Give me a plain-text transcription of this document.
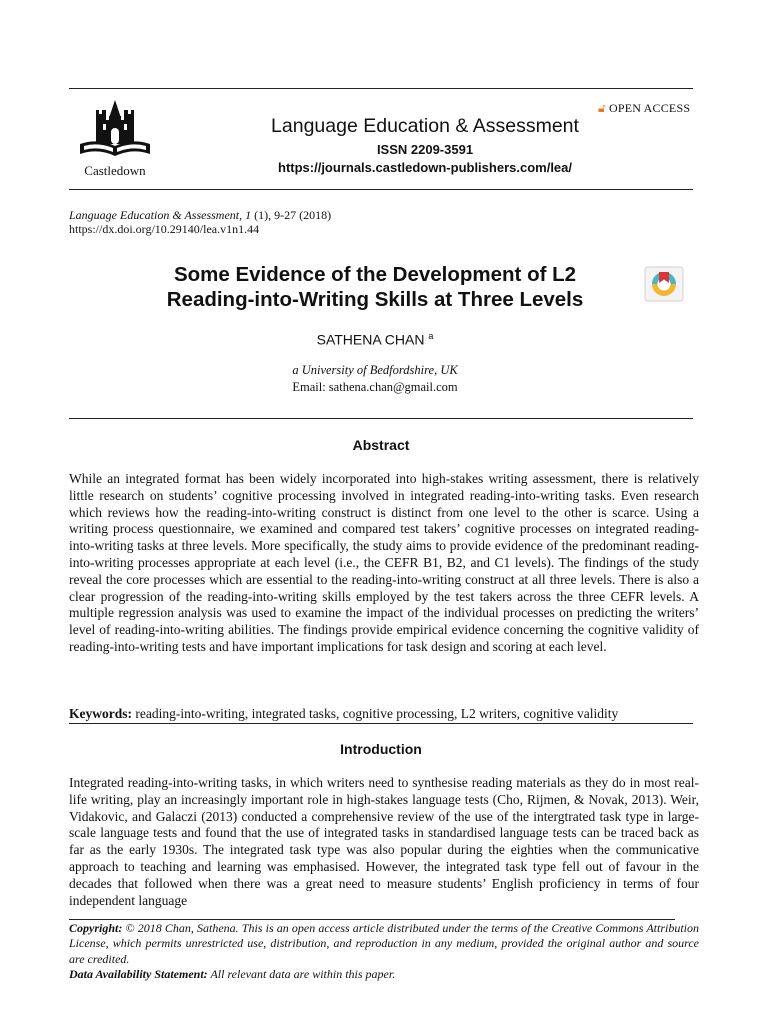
Castledown
🔓︎ OPEN ACCESS
Language Education & Assessment
ISSN 2209-3591
https://journals.castledown-publishers.com/lea/
Language Education & Assessment, 1 (1), 9-27 (2018)
https://dx.doi.org/10.29140/lea.v1n1.44
Some Evidence of the Development of L2
Reading-into-Writing Skills at Three Levels
SATHENA CHAN $^a$
a University of Bedfordshire, UK
Email: sathena.chan@gmail.com
Abstract
While an integrated format has been widely incorporated into high-stakes writing assessment, there is relatively little research on students’ cognitive processing involved in integrated reading-into-writing tasks. Even research which reviews how the reading-into-writing construct is distinct from one level to the other is scarce. Using a writing process questionnaire, we examined and compared test takers’ cognitive processes on integrated reading-into-writing tasks at three levels. More specifically, the study aims to provide evidence of the predominant reading-into-writing processes appropriate at each level (i.e., the CEFR B1, B2, and C1 levels). The findings of the study reveal the core processes which are essential to the reading-into-writing construct at all three levels. There is also a clear progression of the reading-into-writing skills employed by the test takers across the three CEFR levels. A multiple regression analysis was used to examine the impact of the individual processes on predicting the writers’ level of reading-into-writing abilities. The findings provide empirical evidence concerning the cognitive validity of reading-into-writing tests and have important implications for task design and scoring at each level.
Keywords: reading-into-writing, integrated tasks, cognitive processing, L2 writers, cognitive validity
Introduction
Integrated reading-into-writing tasks, in which writers need to synthesise reading materials as they do in most real-life writing, play an increasingly important role in high-stakes language tests (Cho, Rijmen, & Novak, 2013). Weir, Vidakovic, and Galaczi (2013) conducted a comprehensive review of the use of the intergtrated task type in large-scale language tests and found that the use of integrated tasks in standardised language tests can be traced back as far as the early 1930s. The integrated task type was also popular during the eighties when the communicative approach to teaching and learning was emphasised. However, the integrated task type fell out of favour in the decades that followed when there was a great need to measure students’ English proficiency in terms of four independent language
Copyright: © 2018 Chan, Sathena. This is an open access article distributed under the terms of the Creative Commons Attribution License, which permits unrestricted use, distribution, and reproduction in any medium, provided the original author and source are credited.
Data Availability Statement: All relevant data are within this paper.
